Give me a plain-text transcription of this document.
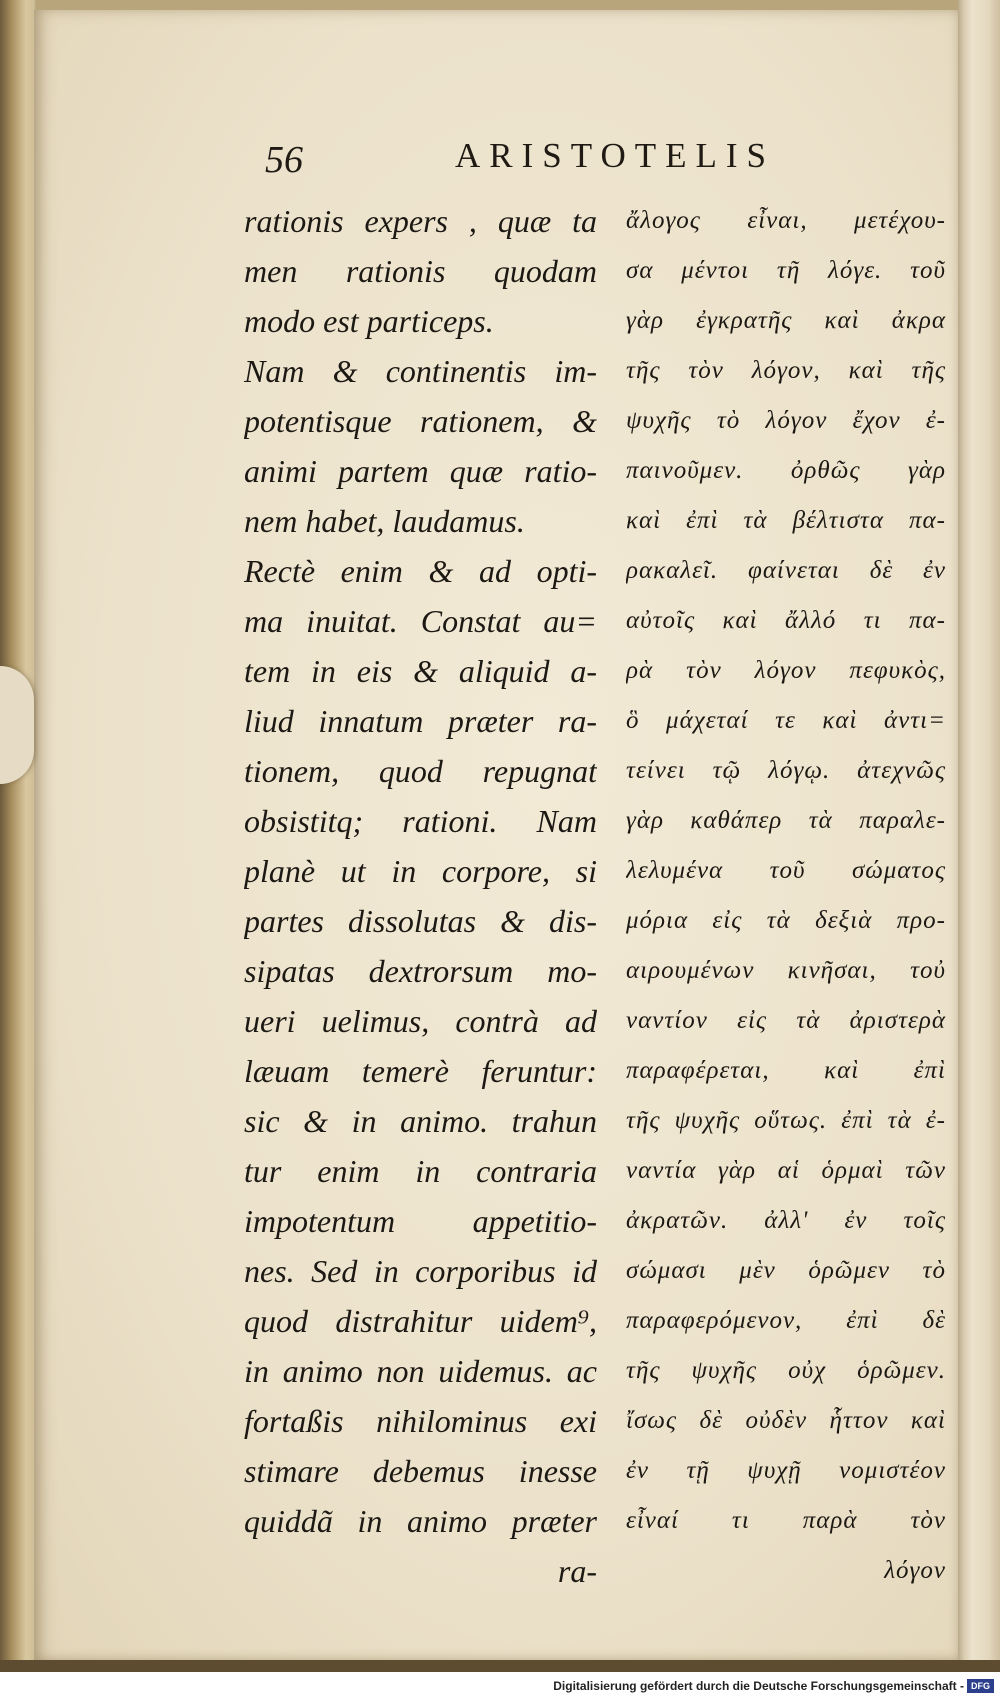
56	ARISTOTELIS
rationis expers , quæ ta
men rationis quodam
modo est particeps.
Nam & continentis im-
potentisque rationem, &
animi partem quæ ratio-
nem habet, laudamus.
Rectè enim & ad opti-
ma inuitat. Constat au=
tem in eis & aliquid a-
liud innatum præter ra-
tionem, quod repugnat
obsistitq; rationi. Nam
planè ut in corpore, si
partes dissolutas & dis-
sipatas dextrorsum mo-
ueri uelimus, contrà ad
læuam temerè feruntur:
sic & in animo. trahun
tur enim in contraria
impotentum appetitio-
nes. Sed in corporibus id
quod distrahitur uidem⁹,
in animo non uidemus. ac
fortaßis nihilominus exi
stimare debemus inesse
quiddã in animo præter
ra-
ἄλογος εἶναι, μετέχου-
σα μέντοι τῆ λόγε. τοῦ
γὰρ ἐγκρατῆς καὶ ἀκρα
τῆς τὸν λόγον, καὶ τῆς
ψυχῆς τὸ λόγον ἔχον ἐ-
παινοῦμεν. ὀρθῶς γὰρ
καὶ ἐπὶ τὰ βέλτιστα πα-
ρακαλεῖ. φαίνεται δὲ ἐν
αὐτοῖς καὶ ἄλλό τι πα-
ρὰ τὸν λόγον πεφυκὸς,
ὃ μάχεταί τε καὶ ἀντι=
τείνει τῷ λόγῳ. ἀτεχνῶς
γὰρ καθάπερ τὰ παραλε-
λελυμένα τοῦ σώματος
μόρια εἰς τὰ δεξιὰ προ-
αιρουμένων κινῆσαι, τοὐ
ναντίον εἰς τὰ ἀριστερὰ
παραφέρεται, καὶ ἐπὶ
τῆς ψυχῆς οὕτως. ἐπὶ τὰ ἐ-
ναντία γὰρ αἱ ὁρμαὶ τῶν
ἀκρατῶν. ἀλλ' ἐν τοῖς
σώμασι μὲν ὁρῶμεν τὸ
παραφερόμενον, ἐπὶ δὲ
τῆς ψυχῆς οὐχ ὁρῶμεν.
ἴσως δὲ οὐδὲν ἧττον καὶ
ἐν τῇ ψυχῇ νομιστέον
εἶναί τι παρὰ τὸν
λόγον
Digitalisierung gefördert durch die Deutsche Forschungsgemeinschaft - DFG
